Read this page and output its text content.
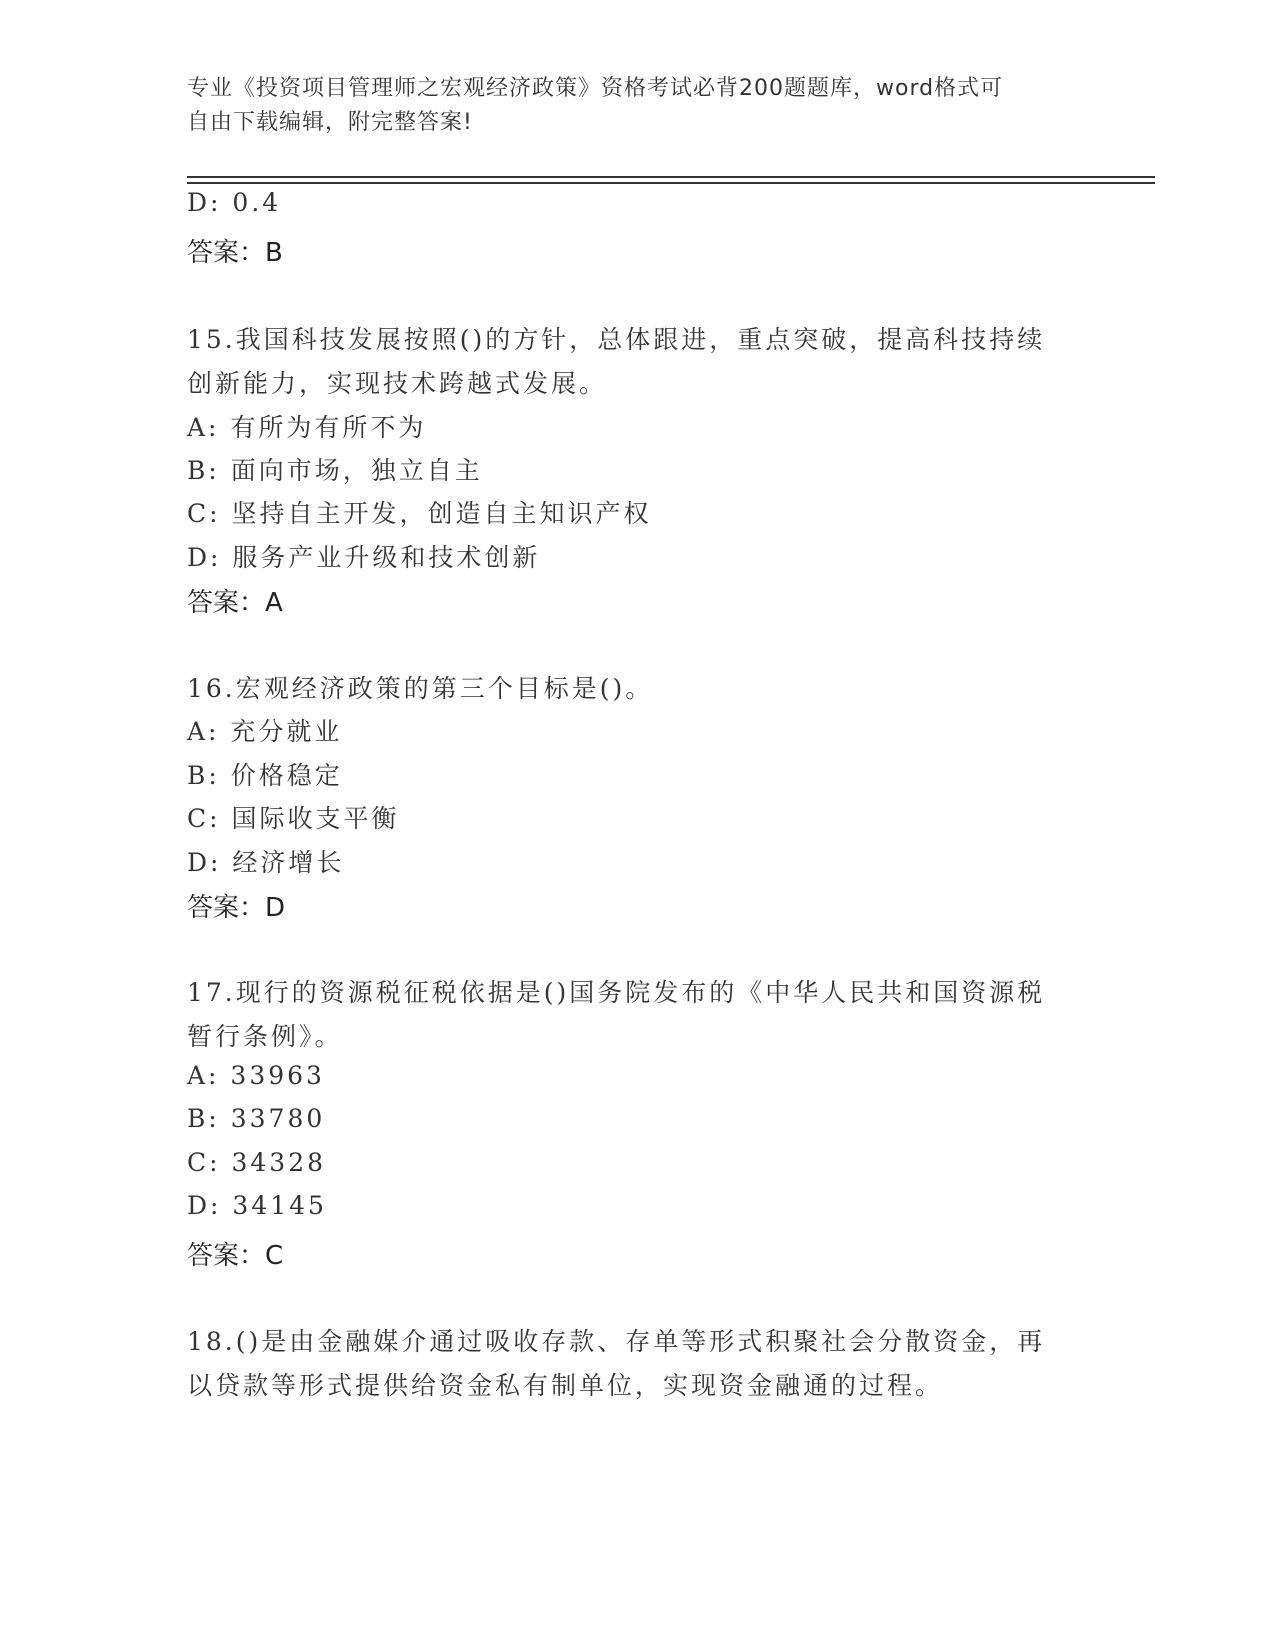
专业《投资项目管理师之宏观经济政策》资格考试必背200题题库，word格式可
自由下载编辑，附完整答案!
D: 0.4
答案：B
15.我国科技发展按照()的方针，总体跟进，重点突破，提高科技持续
创新能力，实现技术跨越式发展。
A: 有所为有所不为
B: 面向市场，独立自主
C: 坚持自主开发，创造自主知识产权
D: 服务产业升级和技术创新
答案：A
16.宏观经济政策的第三个目标是()。
A: 充分就业
B: 价格稳定
C: 国际收支平衡
D: 经济增长
答案：D
17.现行的资源税征税依据是()国务院发布的《中华人民共和国资源税
暂行条例》。
A: 33963
B: 33780
C: 34328
D: 34145
答案：C
18.()是由金融媒介通过吸收存款、存单等形式积聚社会分散资金，再
以贷款等形式提供给资金私有制单位，实现资金融通的过程。
